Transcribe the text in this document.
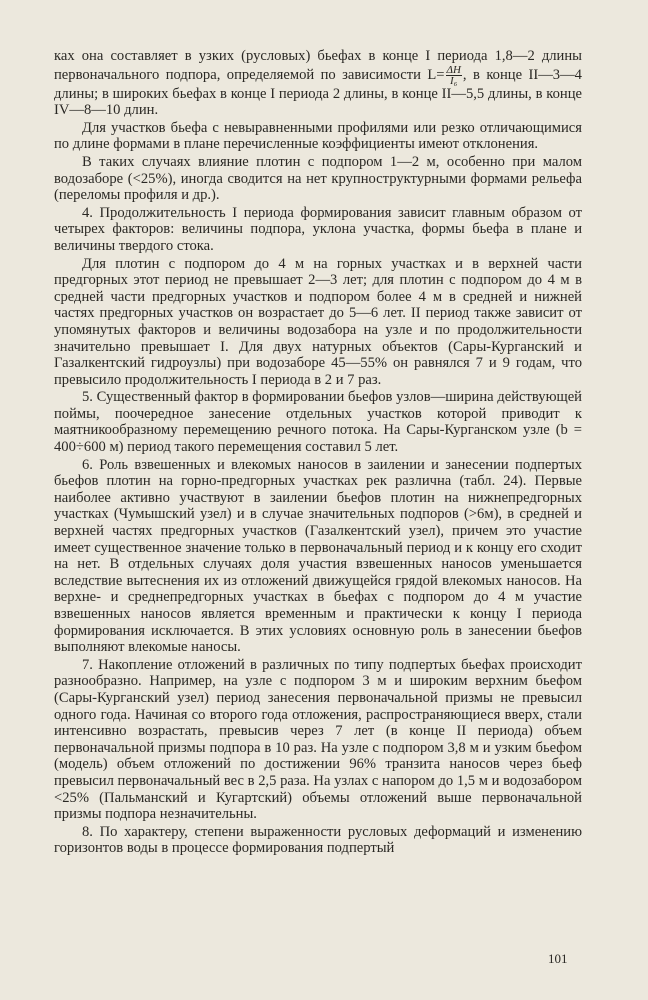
ках она составляет в узких (русловых) бьефах в конце I периода 1,8—2 длины первоначального подпора, определяемой по зависимости $L= \frac{\Delta H}{\text{I₆}}$ , в конце II—3—4 длины; в широких бьефах в конце I периода 2 длины, в конце II—5,5 длины, в конце IV—8—10 длин.

Для участков бьефа с невыравненными профилями или резко отличающимися по длине формами в плане перечисленные коэффициенты имеют отклонения.

В таких случаях влияние плотин с подпором 1—2 м, особенно при малом водозаборе (<25%), иногда сводится на нет крупноструктурными формами рельефа (переломы профиля и др.).

4. Продолжительность I периода формирования зависит главным образом от четырех факторов: величины подпора, уклона участка, формы бьефа в плане и величины твердого стока.

Для плотин с подпором до 4 м на горных участках и в верхней части предгорных этот период не превышает 2—3 лет; для плотин с подпором до 4 м в средней части предгорных участков и подпором более 4 м в средней и нижней частях предгорных участков он возрастает до 5—6 лет. II период также зависит от упомянутых факторов и величины водозабора на узле и по продолжительности значительно превышает I. Для двух натурных объектов (Сары-Курганский и Газалкентский гидроузлы) при водозаборе 45—55% он равнялся 7 и 9 годам, что превысило продолжительность I периода в 2 и 7 раз.

5. Существенный фактор в формировании бьефов узлов—ширина действующей поймы, поочередное занесение отдельных участков которой приводит к маятникообразному перемещению речного потока. На Сары-Курганском узле (b = 400÷600 м) период такого перемещения составил 5 лет.

6. Роль взвешенных и влекомых наносов в заилении и занесении подпертых бьефов плотин на горно-предгорных участках рек различна (табл. 24). Первые наиболее активно участвуют в заилении бьефов плотин на нижнепредгорных участках (Чумышский узел) и в случае значительных подпоров (>6м), в средней и верхней частях предгорных участков (Газалкентский узел), причем это участие имеет существенное значение только в первоначальный период и к концу его сходит на нет. В отдельных случаях доля участия взвешенных наносов уменьшается вследствие вытеснения их из отложений движущейся грядой влекомых наносов. На верхне- и среднепредгорных участках в бьефах с подпором до 4 м участие взвешенных наносов является временным и практически к концу I периода формирования исключается. В этих условиях основную роль в занесении бьефов выполняют влекомые наносы.

7. Накопление отложений в различных по типу подпертых бьефах происходит разнообразно. Например, на узле с подпором 3 м и широким верхним бьефом (Сары-Курганский узел) период занесения первоначальной призмы не превысил одного года. Начиная со второго года отложения, распространяющиеся вверх, стали интенсивно возрастать, превысив через 7 лет (в конце II периода) объем первоначальной призмы подпора в 10 раз. На узле с подпором 3,8 м и узким бьефом (модель) объем отложений по достижении 96% транзита наносов через бьеф превысил первоначальный вес в 2,5 раза. На узлах с напором до 1,5 м и водозабором <25% (Пальманский и Кугартский) объемы отложений выше первоначальной призмы подпора незначительны.

8. По характеру, степени выраженности русловых деформаций и изменению горизонтов воды в процессе формирования подпертый

101
